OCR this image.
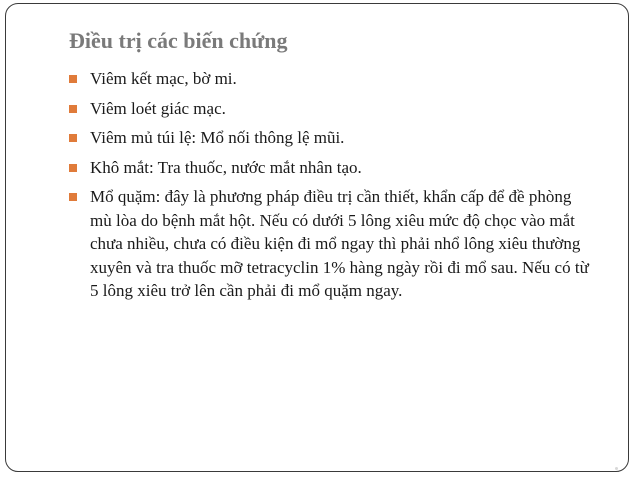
Điều trị các biến chứng
Viêm kết mạc, bờ mi.
Viêm loét giác mạc.
Viêm mủ túi lệ: Mổ nối thông lệ mũi.
Khô mắt: Tra thuốc, nước mắt nhân tạo.
Mổ quặm: đây là phương pháp điều trị cần thiết, khẩn cấp để đề phòng mù lòa do bệnh mắt hột. Nếu có dưới 5 lông xiêu mức độ chọc vào mắt chưa nhiều, chưa có điều kiện đi mổ ngay thì phải nhổ lông xiêu thường xuyên và tra thuốc mỡ tetracyclin 1% hàng ngày rồi đi mổ sau. Nếu có từ 5 lông xiêu trở lên cần phải đi mổ quặm ngay.
